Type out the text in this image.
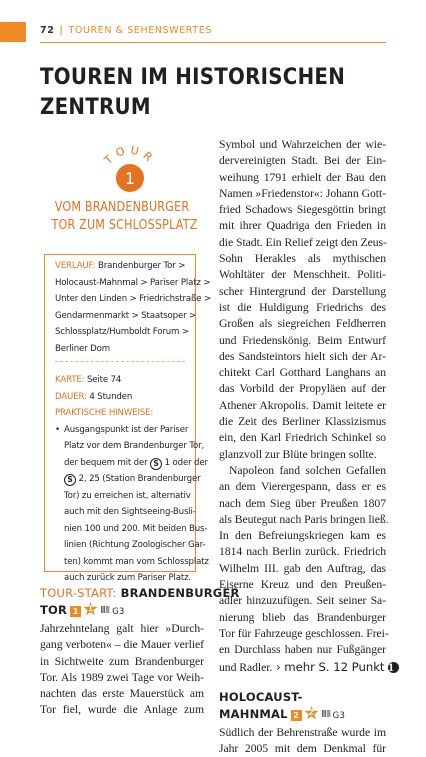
72 | TOUREN & SEHENSWERTES
TOUREN IM HISTORISCHEN
ZENTRUM
TOUR
1
VOM BRANDENBURGER
TOR ZUM SCHLOSSPLATZ
VERLAUF: Brandenburger Tor >
Holocaust-Mahnmal > Pariser Platz >
Unter den Linden > Friedrichstraße >
Gendarmenmarkt > Staatsoper >
Schlossplatz/Humboldt Forum >
Berliner Dom
KARTE: Seite 74
DAUER: 4 Stunden
PRAKTISCHE HINWEISE:
• Ausgangspunkt ist der Pariser
Platz vor dem Brandenburger Tor,
der bequem mit der S 1 oder der
S 2, 25 (Station Brandenburger
Tor) zu erreichen ist, alternativ
auch mit den Sightseeing-Busli-
nien 100 und 200. Mit beiden Bus-
linien (Richtung Zoologischer Gar-
ten) kommt man vom Schlossplatz
auch zurück zum Pariser Platz.
TOUR-START: BRANDENBURGER
TOR 1	1	G3

Jahrzehntelang galt hier »Durch-
gang verboten« – die Mauer verlief
in Sichtweite zum Brandenburger
Tor. Als 1989 zwei Tage vor Weih-
nachten das erste Mauerstück am
Tor fiel, wurde die Anlage zum

Symbol und Wahrzeichen der wie-
dervereinigten Stadt. Bei der Ein-
weihung 1791 erhielt der Bau den
Namen »Friedenstor«: Johann Gott-
fried Schadows Siegesgöttin bringt
mit ihrer Quadriga den Frieden in
die Stadt. Ein Relief zeigt den Zeus-
Sohn Herakles als mythischen
Wohltäter der Menschheit. Politi-
scher Hintergrund der Darstellung
ist die Huldigung Friedrichs des
Großen als siegreichen Feldherren
und Friedenskönig. Beim Entwurf
des Sandsteintors hielt sich der Ar-
chitekt Carl Gotthard Langhans an
das Vorbild der Propyläen auf der
Athener Akropolis. Damit leitete er
die Zeit des Berliner Klassizismus
ein, den Karl Friedrich Schinkel so
glanzvoll zur Blüte bringen sollte.

Napoleon fand solchen Gefallen
an dem Vierergespann, dass er es
nach dem Sieg über Preußen 1807
als Beutegut nach Paris bringen ließ.
In den Befreiungskriegen kam es
1814 nach Berlin zurück. Friedrich
Wilhelm III. gab den Auftrag, das
Eiserne Kreuz und den Preußen-
adler hinzuzufügen. Seit seiner Sa-
nierung blieb das Brandenburger
Tor für Fahrzeuge geschlossen. Frei-
en Durchlass haben nur Fußgänger
und Radler. › mehr S. 12 Punkt 1

HOLOCAUST-
MAHNMAL 2	2	G3

Südlich der Behrenstraße wurde im
Jahr 2005 mit dem Denkmal für
